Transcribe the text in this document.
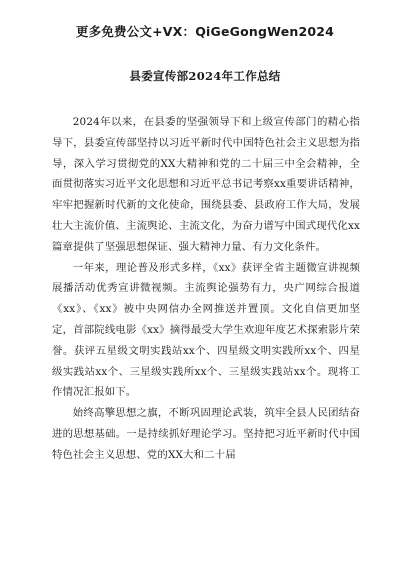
更多免费公文+VX：QiGeGongWen2024
县委宣传部2024年工作总结

2024年以来，在县委的坚强领导下和上级宣传部门的精心指导下，县委宣传部坚持以习近平新时代中国特色社会主义思想为指导，深入学习贯彻党的XX大精神和党的二十届三中全会精神，全面贯彻落实习近平文化思想和习近平总书记考察xx重要讲话精神，牢牢把握新时代新的文化使命，围绕县委、县政府工作大局，发展壮大主流价值、主流舆论、主流文化，为奋力谱写中国式现代化xx篇章提供了坚强思想保证、强大精神力量、有力文化条件。

一年来，理论普及形式多样，《xx》获评全省主题微宣讲视频展播活动优秀宣讲微视频。主流舆论强势有力，央广网综合报道《xx》、《xx》被中央网信办全网推送并置顶。文化自信更加坚定，首部院线电影《xx》摘得最受大学生欢迎年度艺术探索影片荣誉。获评五星级文明实践站xx个、四星级文明实践所xx个、四星级实践站xx个、三星级实践所xx个、三星级实践站xx个。现将工作情况汇报如下。

始终高擎思想之旗，不断巩固理论武装，筑牢全县人民团结奋进的思想基础。一是持续抓好理论学习。坚持把习近平新时代中国特色社会主义思想、党的XX大和二十届
